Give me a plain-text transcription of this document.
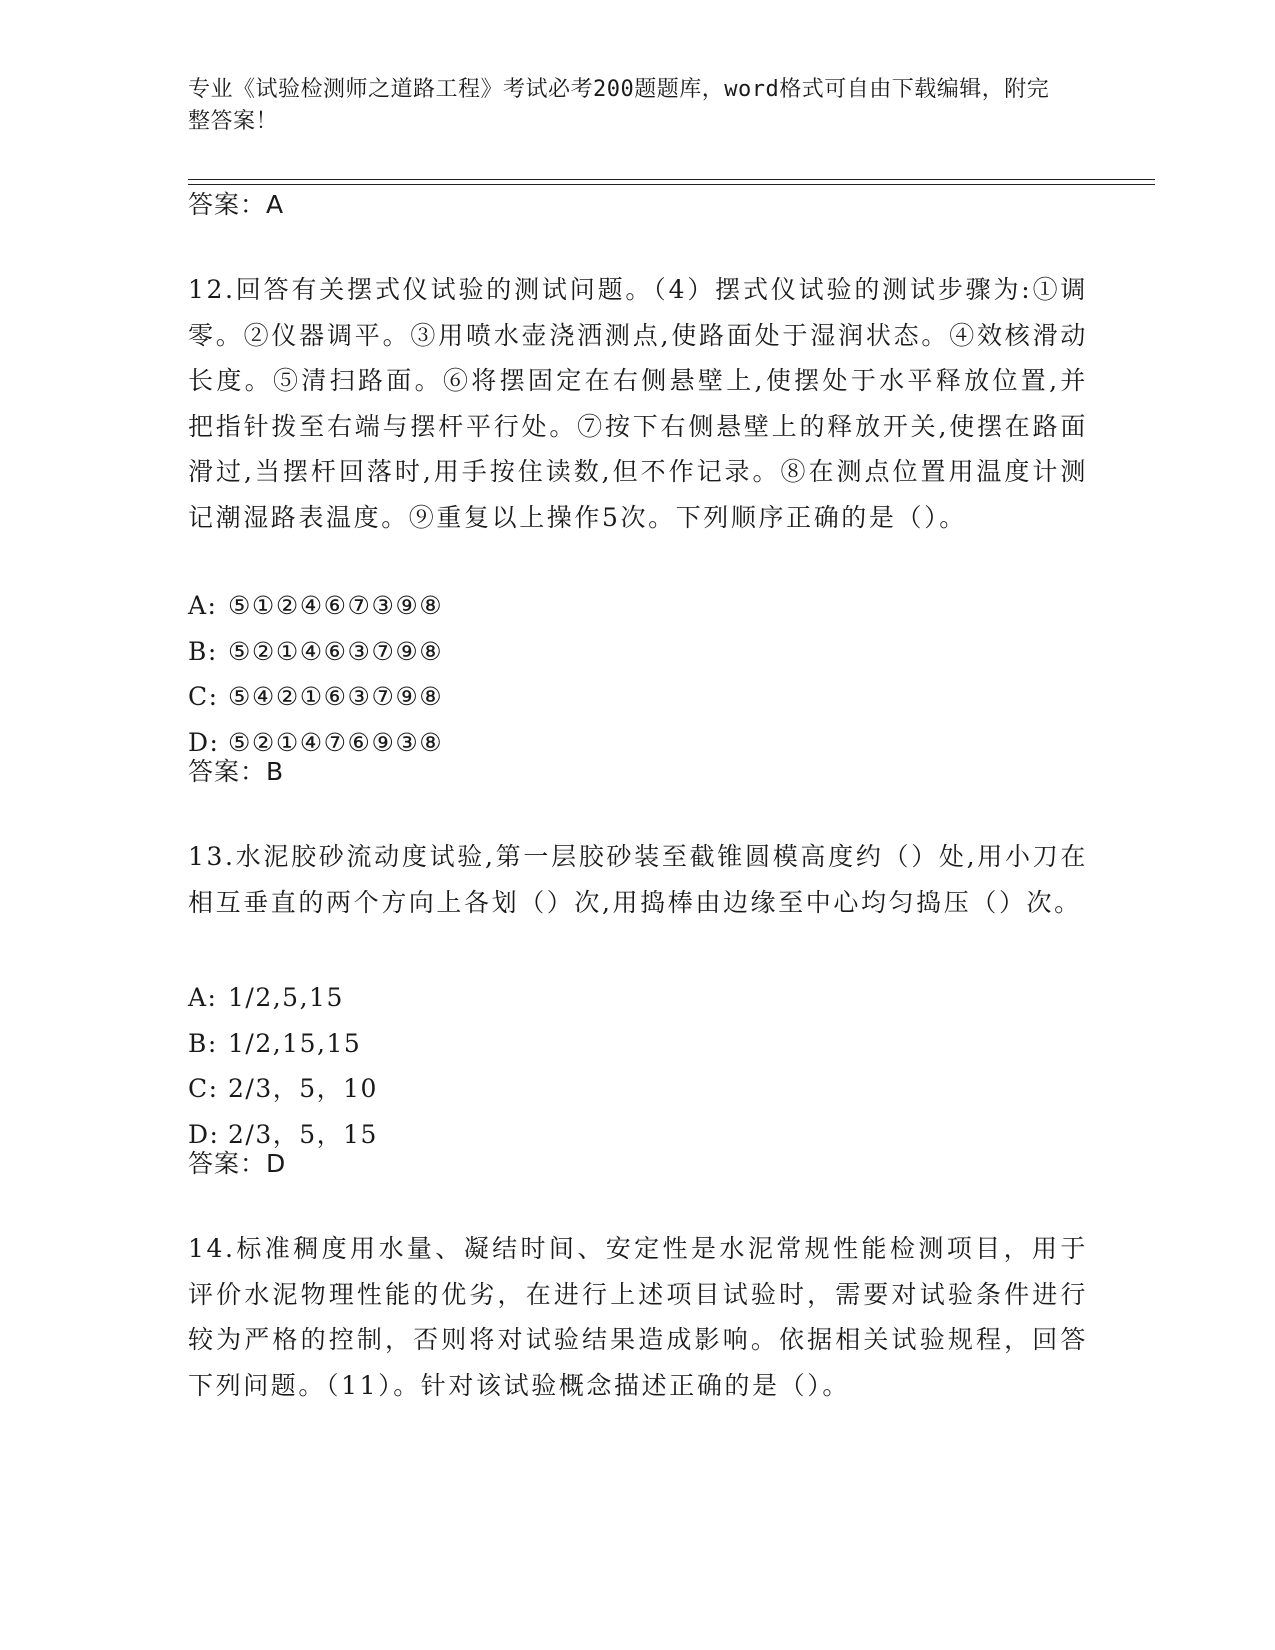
专业《试验检测师之道路工程》考试必考200题题库，word格式可自由下载编辑，附完整答案！
答案：A
12.回答有关摆式仪试验的测试问题。（4）摆式仪试验的测试步骤为:①调零。②仪器调平。③用喷水壶浇洒测点,使路面处于湿润状态。④效核滑动长度。⑤清扫路面。⑥将摆固定在右侧悬壁上,使摆处于水平释放位置,并把指针拨至右端与摆杆平行处。⑦按下右侧悬壁上的释放开关,使摆在路面滑过,当摆杆回落时,用手按住读数,但不作记录。⑧在测点位置用温度计测记潮湿路表温度。⑨重复以上操作5次。下列顺序正确的是（）。
A: ⑤①②④⑥⑦③⑨⑧
B: ⑤②①④⑥③⑦⑨⑧
C: ⑤④②①⑥③⑦⑨⑧
D: ⑤②①④⑦⑥⑨③⑧
答案：B
13.水泥胶砂流动度试验,第一层胶砂装至截锥圆模高度约（）处,用小刀在相互垂直的两个方向上各划（）次,用捣棒由边缘至中心均匀捣压（）次。
A: 1/2,5,15
B: 1/2,15,15
C: 2/3，5，10
D: 2/3，5，15
答案：D
14.标准稠度用水量、凝结时间、安定性是水泥常规性能检测项目，用于评价水泥物理性能的优劣，在进行上述项目试验时，需要对试验条件进行较为严格的控制，否则将对试验结果造成影响。依据相关试验规程，回答下列问题。（11）。针对该试验概念描述正确的是（）。
